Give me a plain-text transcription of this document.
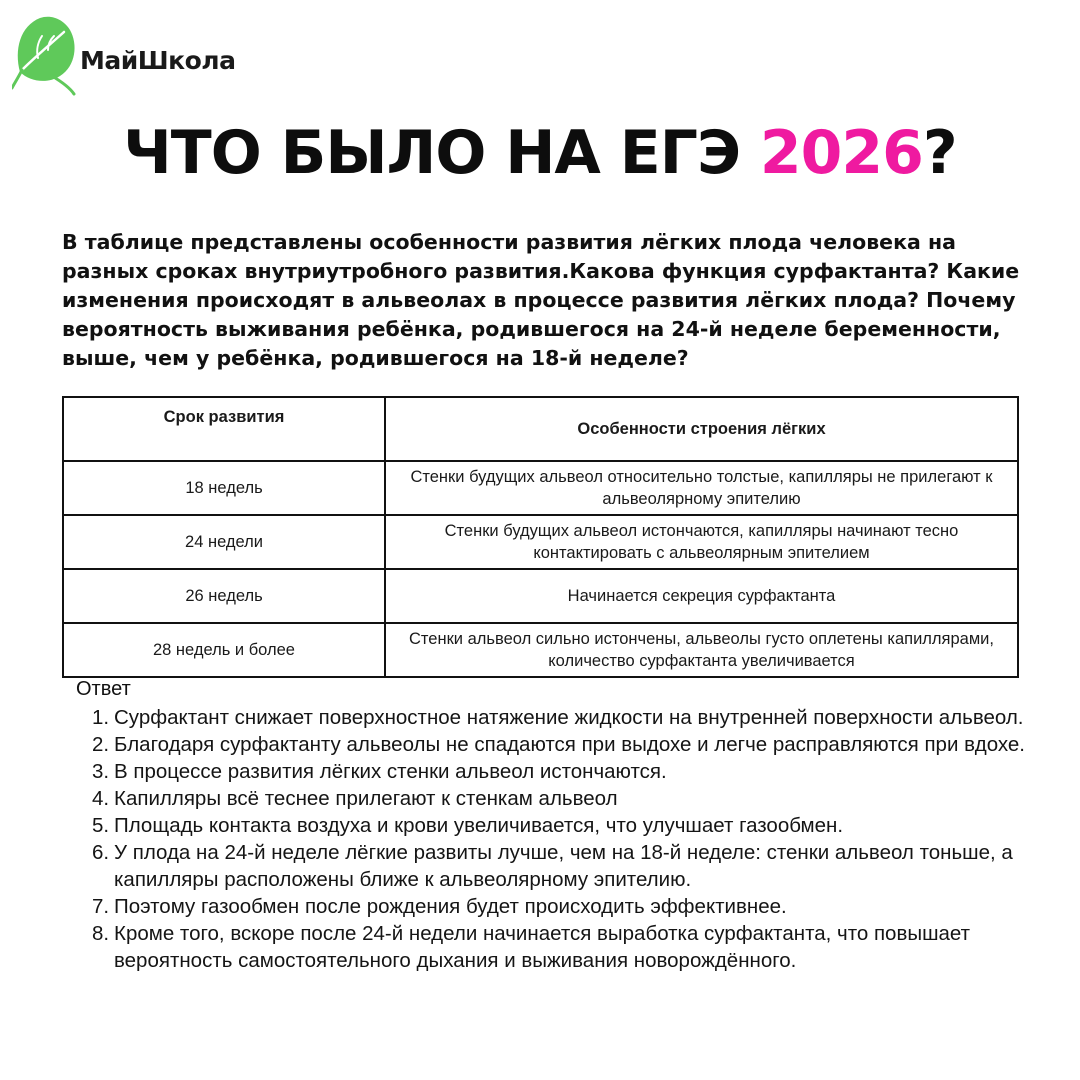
МайШкола
ЧТО БЫЛО НА ЕГЭ 2026?
В таблице представлены особенности развития лёгких плода человека на разных сроках внутриутробного развития.Какова функция сурфактанта? Какие изменения происходят в альвеолах в процессе развития лёгких плода? Почему вероятность выживания ребёнка, родившегося на 24-й неделе беременности, выше, чем у ребёнка, родившегося на 18-й неделе?
Срок развития	Особенности строения лёгких
18 недель	Стенки будущих альвеол относительно толстые, капилляры не прилегают к альвеолярному эпителию
24 недели	Стенки будущих альвеол истончаются, капилляры начинают тесно контактировать с альвеолярным эпителием
26 недель	Начинается секреция сурфактанта
28 недель и более	Стенки альвеол сильно истончены, альвеолы густо оплетены капиллярами, количество сурфактанта увеличивается
Ответ
1. Сурфактант снижает поверхностное натяжение жидкости на внутренней поверхности альвеол.
2. Благодаря сурфактанту альвеолы не спадаются при выдохе и легче расправляются при вдохе.
3. В процессе развития лёгких стенки альвеол истончаются.
4. Капилляры всё теснее прилегают к стенкам альвеол
5. Площадь контакта воздуха и крови увеличивается, что улучшает газообмен.
6. У плода на 24-й неделе лёгкие развиты лучше, чем на 18-й неделе: стенки альвеол тоньше, а капилляры расположены ближе к альвеолярному эпителию.
7. Поэтому газообмен после рождения будет происходить эффективнее.
8. Кроме того, вскоре после 24-й недели начинается выработка сурфактанта, что повышает вероятность самостоятельного дыхания и выживания новорождённого.
